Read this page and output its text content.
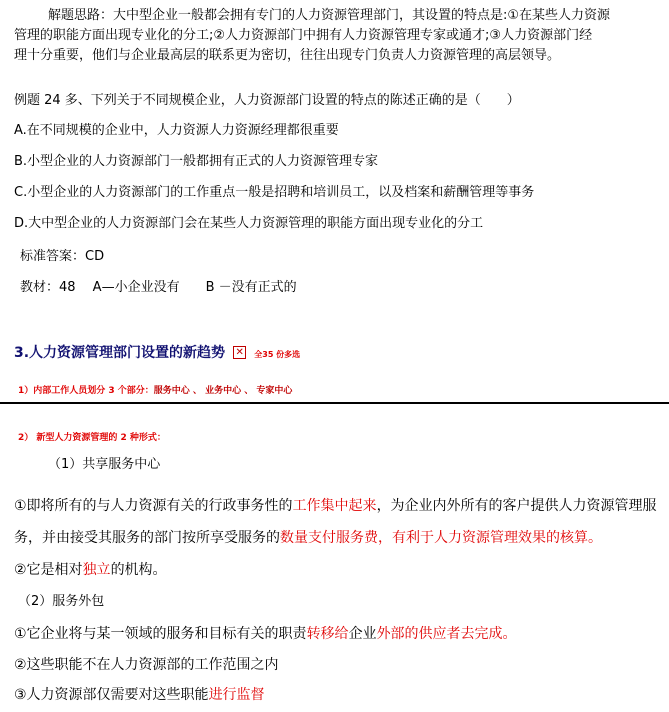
解题思路：大中型企业一般都会拥有专门的人力资源管理部门，其设置的特点是:①在某些人力资源
管理的职能方面出现专业化的分工;②人力资源部门中拥有人力资源管理专家或通才;③人力资源部门经
理十分重要，他们与企业最高层的联系更为密切，往往出现专门负责人力资源管理的高层领导。
例题 24 多、下列关于不同规模企业，人力资源部门设置的特点的陈述正确的是（　　）
A.在不同规模的企业中，人力资源人力资源经理都很重要
B.小型企业的人力资源部门一般都拥有正式的人力资源管理专家
C.小型企业的人力资源部门的工作重点一般是招聘和培训员工，以及档案和薪酬管理等事务
D.大中型企业的人力资源部门会在某些人力资源管理的职能方面出现专业化的分工
标准答案：CD
教材：48　 A—小企业没有　　B －没有正式的
3.人力资源管理部门设置的新趋势 ✕ 全35 份多选
1）内部工作人员划分 3 个部分：服务中心 、 业务中心 、 专家中心
2） 新型人力资源管理的 2 种形式：
（1）共享服务中心
①即将所有的与人力资源有关的行政事务性的工作集中起来，为企业内外所有的客户提供人力资源管理服
务，并由接受其服务的部门按所享受服务的数量支付服务费，有利于人力资源管理效果的核算。
②它是相对独立的机构。
（2）服务外包
①它企业将与某一领域的服务和目标有关的职责转移给企业外部的供应者去完成。
②这些职能不在人力资源部的工作范围之内
③人力资源部仅需要对这些职能进行监督
